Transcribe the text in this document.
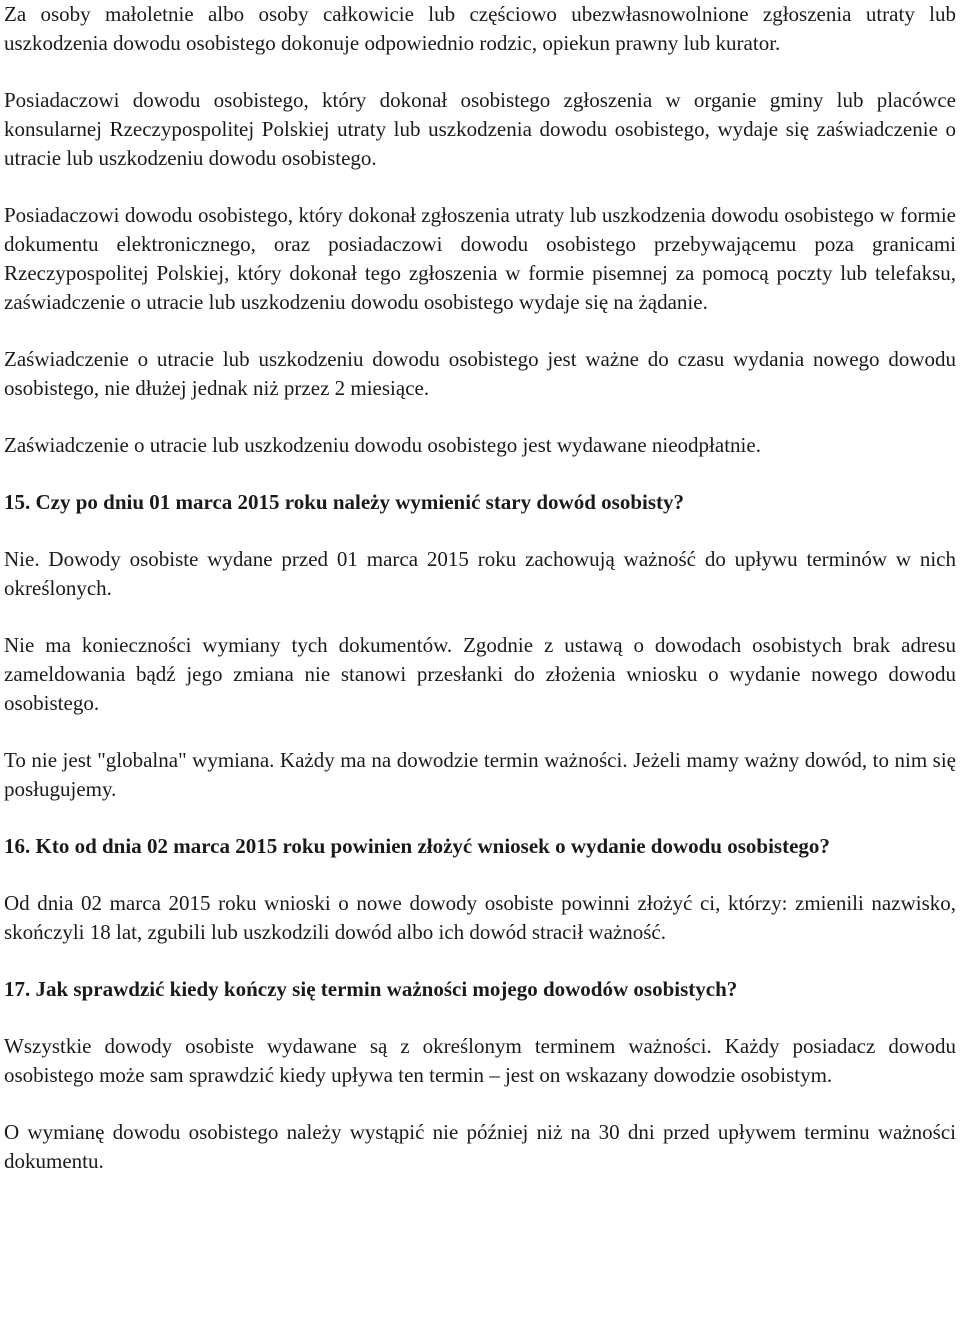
Za osoby małoletnie albo osoby całkowicie lub częściowo ubezwłasnowolnione zgłoszenia utraty lub uszkodzenia dowodu osobistego dokonuje odpowiednio rodzic, opiekun prawny lub kurator.

Posiadaczowi dowodu osobistego, który dokonał osobistego zgłoszenia w organie gminy lub placówce konsularnej Rzeczypospolitej Polskiej utraty lub uszkodzenia dowodu osobistego, wydaje się zaświadczenie o utracie lub uszkodzeniu dowodu osobistego.

Posiadaczowi dowodu osobistego, który dokonał zgłoszenia utraty lub uszkodzenia dowodu osobistego w formie dokumentu elektronicznego, oraz posiadaczowi dowodu osobistego przebywającemu poza granicami Rzeczypospolitej Polskiej, który dokonał tego zgłoszenia w formie pisemnej za pomocą poczty lub telefaksu, zaświadczenie o utracie lub uszkodzeniu dowodu osobistego wydaje się na żądanie.

Zaświadczenie o utracie lub uszkodzeniu dowodu osobistego jest ważne do czasu wydania nowego dowodu osobistego, nie dłużej jednak niż przez 2 miesiące.

Zaświadczenie o utracie lub uszkodzeniu dowodu osobistego jest wydawane nieodpłatnie.

15. Czy po dniu 01 marca 2015 roku należy wymienić stary dowód osobisty?

Nie. Dowody osobiste wydane przed 01 marca 2015 roku zachowują ważność do upływu terminów w nich określonych.

Nie ma konieczności wymiany tych dokumentów. Zgodnie z ustawą o dowodach osobistych brak adresu zameldowania bądź jego zmiana nie stanowi przesłanki do złożenia wniosku o wydanie nowego dowodu osobistego.

To nie jest "globalna" wymiana. Każdy ma na dowodzie termin ważności. Jeżeli mamy ważny dowód, to nim się posługujemy.

16. Kto od dnia 02 marca 2015 roku powinien złożyć wniosek o wydanie dowodu osobistego?

Od dnia 02 marca 2015 roku wnioski o nowe dowody osobiste powinni złożyć ci, którzy: zmienili nazwisko, skończyli 18 lat, zgubili lub uszkodzili dowód albo ich dowód stracił ważność.

17. Jak sprawdzić kiedy kończy się termin ważności mojego dowodów osobistych?

Wszystkie dowody osobiste wydawane są z określonym terminem ważności. Każdy posiadacz dowodu osobistego może sam sprawdzić kiedy upływa ten termin – jest on wskazany dowodzie osobistym.

O wymianę dowodu osobistego należy wystąpić nie później niż na 30 dni przed upływem terminu ważności dokumentu.
